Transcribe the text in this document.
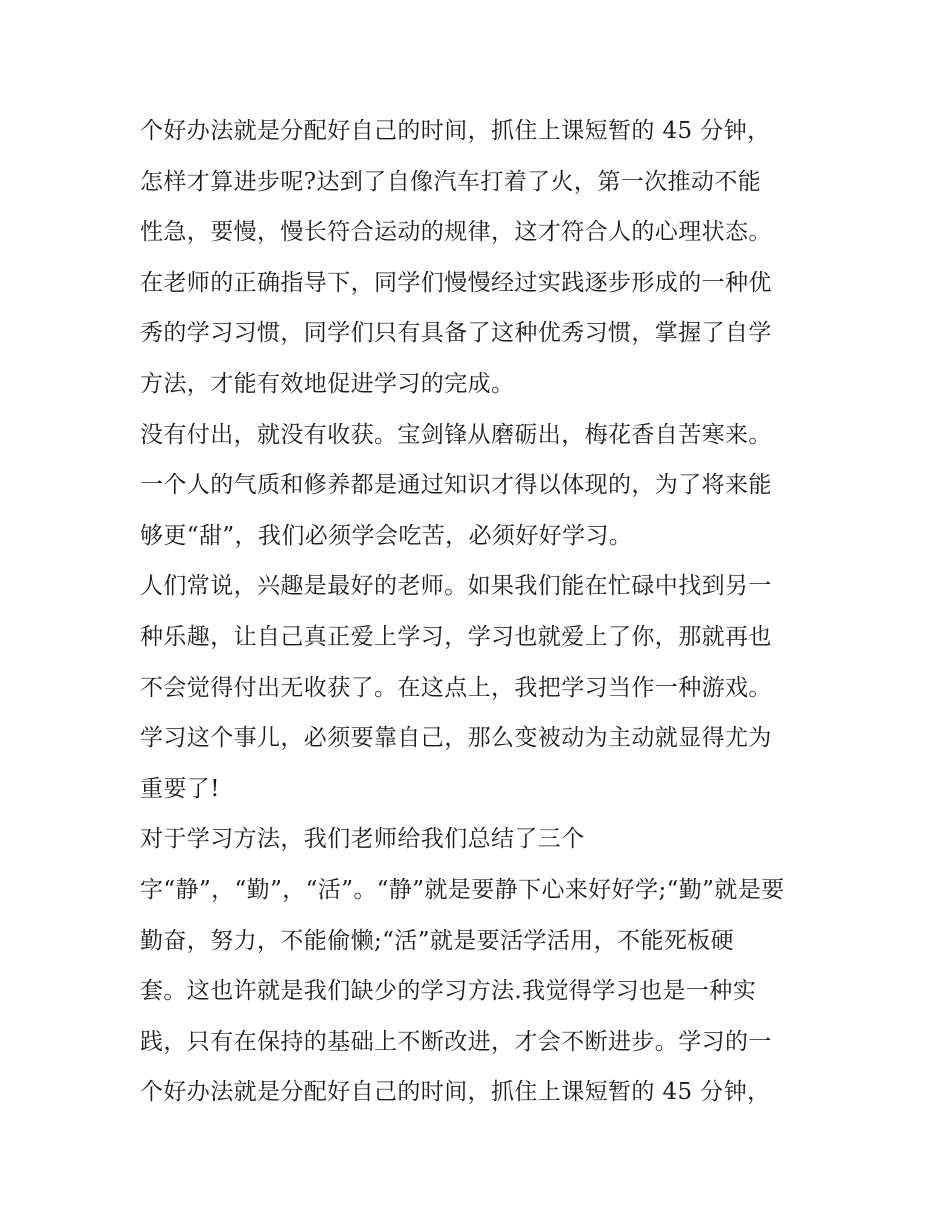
个好办法就是分配好自己的时间，抓住上课短暂的 45 分钟，
怎样才算进步呢?达到了自像汽车打着了火，第一次推动不能
性急，要慢，慢长符合运动的规律，这才符合人的心理状态。
在老师的正确指导下，同学们慢慢经过实践逐步形成的一种优
秀的学习习惯，同学们只有具备了这种优秀习惯，掌握了自学
方法，才能有效地促进学习的完成。
没有付出，就没有收获。宝剑锋从磨砺出，梅花香自苦寒来。
一个人的气质和修养都是通过知识才得以体现的，为了将来能
够更“甜”，我们必须学会吃苦，必须好好学习。
人们常说，兴趣是最好的老师。如果我们能在忙碌中找到另一
种乐趣，让自己真正爱上学习，学习也就爱上了你，那就再也
不会觉得付出无收获了。在这点上，我把学习当作一种游戏。
学习这个事儿，必须要靠自己，那么变被动为主动就显得尤为
重要了!
对于学习方法，我们老师给我们总结了三个
字“静”，“勤”，“活”。“静”就是要静下心来好好学;“勤”就是要
勤奋，努力，不能偷懒;“活”就是要活学活用，不能死板硬
套。这也许就是我们缺少的学习方法.我觉得学习也是一种实
践，只有在保持的基础上不断改进，才会不断进步。学习的一
个好办法就是分配好自己的时间，抓住上课短暂的 45 分钟，
